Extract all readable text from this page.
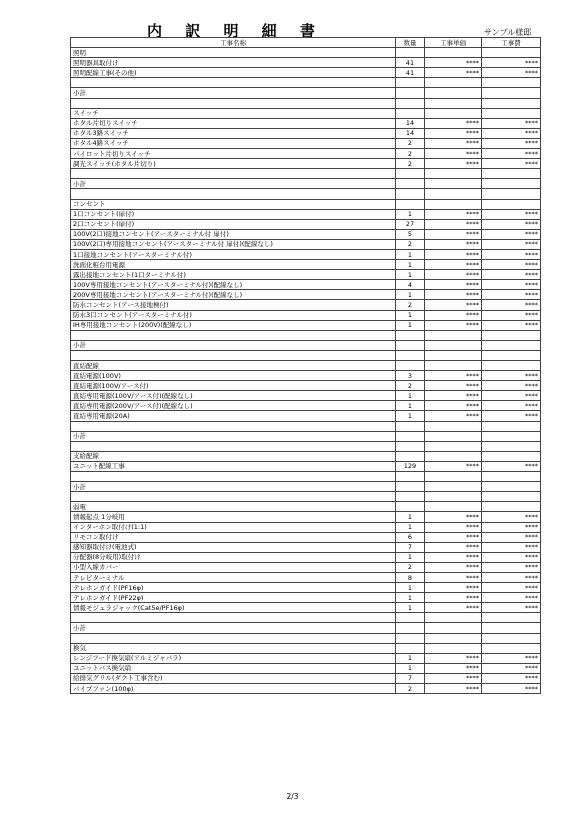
内 訳 明 細 書	サンプル様邸
工事名称	数量	工事単価	工事費
照明			
照明器具取付け	41	****	****
照明配線工事(その他)	41	****	****

小計			

スイッチ			
ホタル片切りスイッチ	14	****	****
ホタル3路スイッチ	14	****	****
ホタル4路スイッチ	2	****	****
パイロット片切りスイッチ	2	****	****
調光スイッチ(ホタル片切り)	2	****	****

小計			

コンセント			
1口コンセント(扉付)	1	****	****
2口コンセント(扉付)	27	****	****
100V(2口)接地コンセント(アースターミナル付 扉付)	5	****	****
100V(2口)専用接地コンセント(アースターミナル付 扉付)(配線なし)	2	****	****
1口接地コンセント(アースターミナル付)	1	****	****
洗面化粧台用電源	1	****	****
露出接地コンセント(1口ターミナル付)	1	****	****
100V専用接地コンセント(アースターミナル付)(配線なし)	4	****	****
200V専用接地コンセント(アースターミナル付)(配線なし)	1	****	****
防水コンセント(アース接地極付)	2	****	****
防水3口コンセント(アースターミナル付)	1	****	****
IH専用接地コンセント(200V)(配線なし)	1	****	****

小計			

直結配線			
直結電源(100V)	3	****	****
直結電源(100V/アース付)	2	****	****
直結専用電源(100V/アース付)(配線なし)	1	****	****
直結専用電源(200V/アース付)(配線なし)	1	****	****
直結専用電源(20A)	1	****	****

小計			

支給配線			
ユニット配線工事	129	****	****

小計			

弱電			
情報起点 1分岐用	1	****	****
インターホン取付け(1:1)	1	****	****
リモコン取付け	6	****	****
感知器取付け(電池式)	7	****	****
分配器(8分岐用)取付け	1	****	****
小型入線カバー	2	****	****
テレビターミナル	8	****	****
テレホンガイド(PF16φ)	1	****	****
テレホンガイド(PF22φ)	1	****	****
情報モジュラジャック(Cat5e/PF16φ)	1	****	****

小計			

換気			
レンジフード換気扇(アルミジャバラ)	1	****	****
ユニットバス換気扇	1	****	****
給排気グリル(ダクト工事含む)	7	****	****
パイプファン(100φ)	2	****	****
2/3
